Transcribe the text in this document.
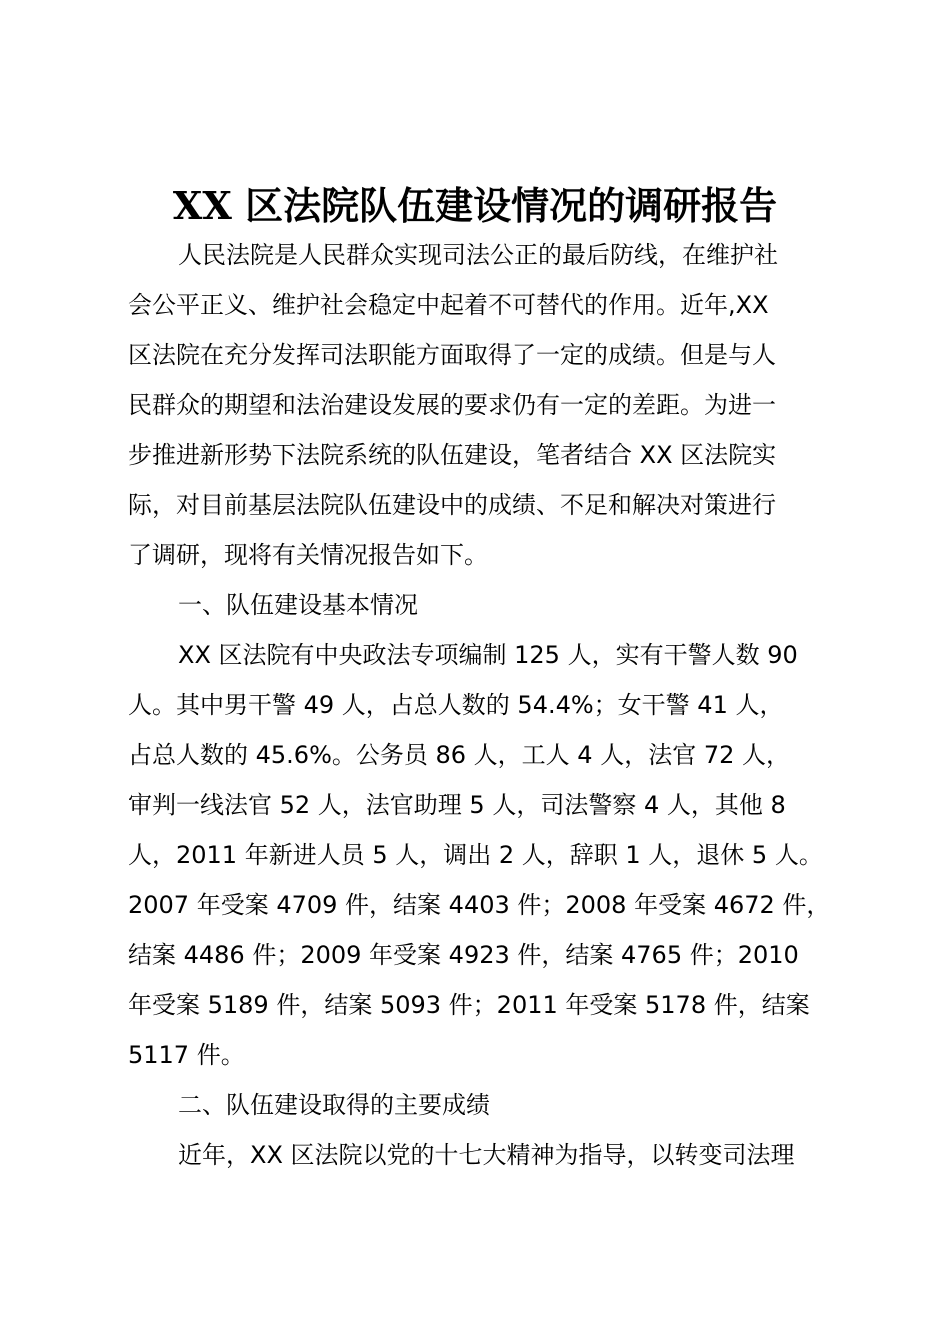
XX 区法院队伍建设情况的调研报告
人民法院是人民群众实现司法公正的最后防线，在维护社
会公平正义、维护社会稳定中起着不可替代的作用。近年,XX
区法院在充分发挥司法职能方面取得了一定的成绩。但是与人
民群众的期望和法治建设发展的要求仍有一定的差距。为进一
步推进新形势下法院系统的队伍建设，笔者结合 XX 区法院实
际，对目前基层法院队伍建设中的成绩、不足和解决对策进行
了调研，现将有关情况报告如下。
一、队伍建设基本情况
XX 区法院有中央政法专项编制 125 人，实有干警人数 90
人。其中男干警 49 人，占总人数的 54.4%；女干警 41 人，
占总人数的 45.6%。公务员 86 人，工人 4 人，法官 72 人，
审判一线法官 52 人，法官助理 5 人，司法警察 4 人，其他 8
人，2011 年新进人员 5 人，调出 2 人，辞职 1 人，退休 5 人。
2007 年受案 4709 件，结案 4403 件；2008 年受案 4672 件，
结案 4486 件；2009 年受案 4923 件，结案 4765 件；2010
年受案 5189 件，结案 5093 件；2011 年受案 5178 件，结案
5117 件。
二、队伍建设取得的主要成绩
近年，XX 区法院以党的十七大精神为指导，以转变司法理
